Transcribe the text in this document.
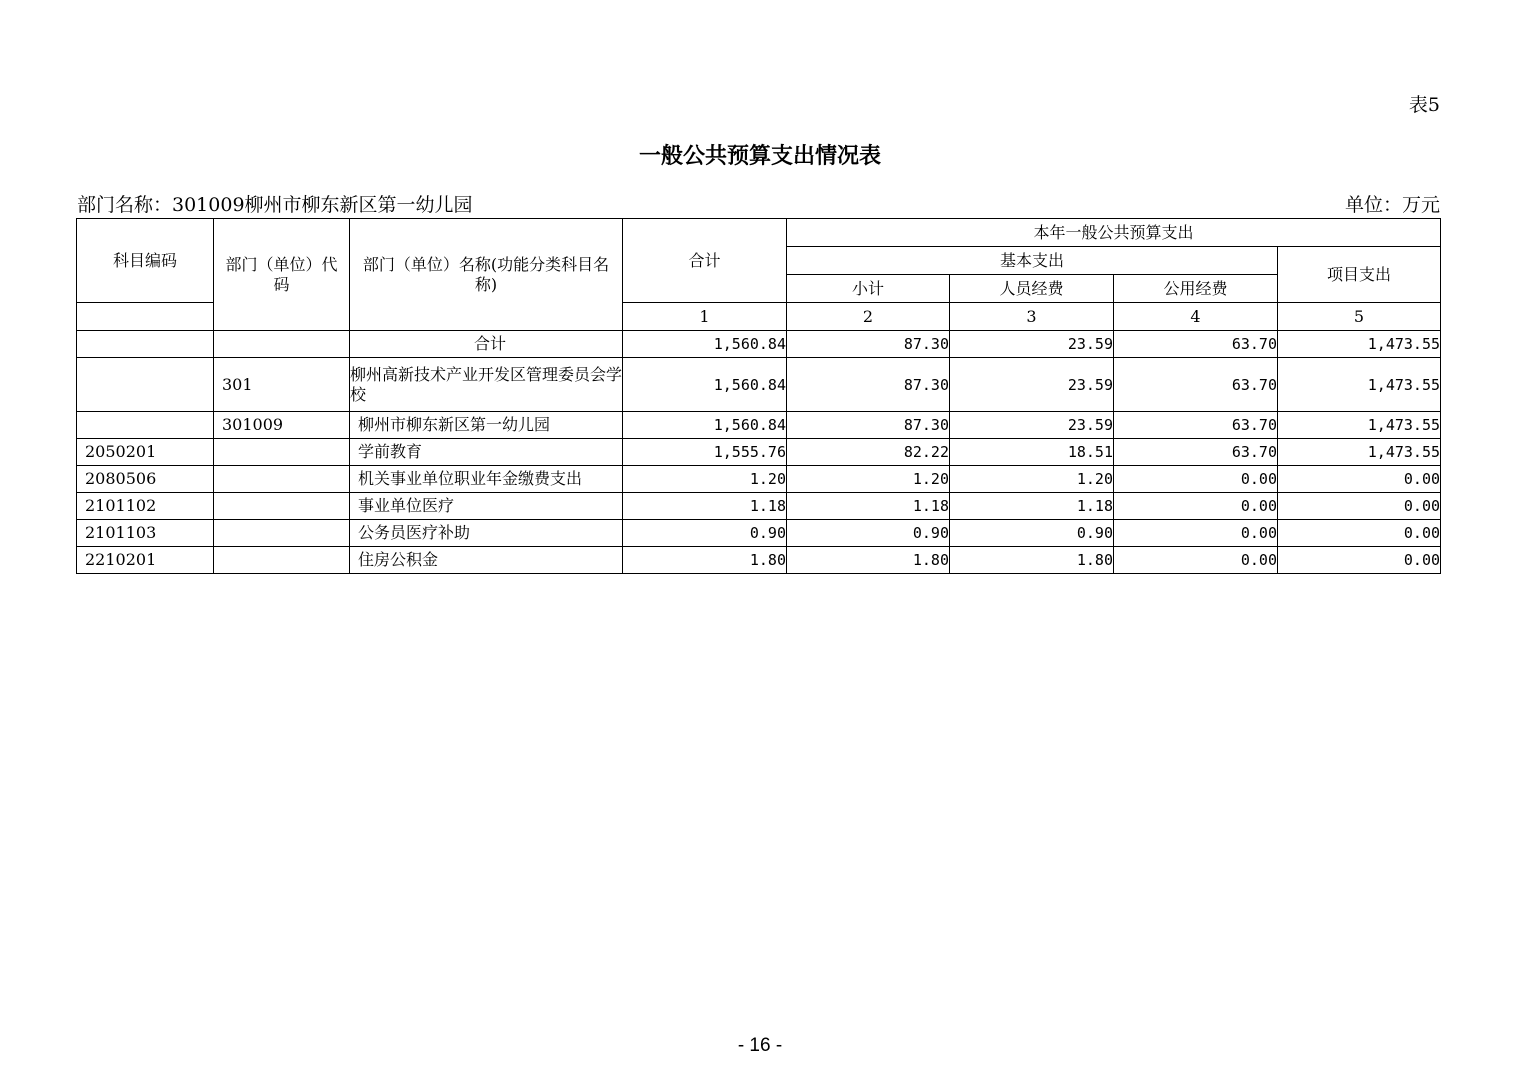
表5
一般公共预算支出情况表
部门名称：301009柳州市柳东新区第一幼儿园	单位：万元
科目编码	部门（单位）代码	部门（单位）名称(功能分类科目名称)	合计	本年一般公共预算支出			
				基本支出			项目支出
				小计	人员经费	公用经费	
			1	2	3	4	5
		合计	1,560.84	87.30	23.59	63.70	1,473.55
	301	柳州高新技术产业开发区管理委员会学校	1,560.84	87.30	23.59	63.70	1,473.55
	301009	柳州市柳东新区第一幼儿园	1,560.84	87.30	23.59	63.70	1,473.55
2050201		学前教育	1,555.76	82.22	18.51	63.70	1,473.55
2080506		机关事业单位职业年金缴费支出	1.20	1.20	1.20	0.00	0.00
2101102		事业单位医疗	1.18	1.18	1.18	0.00	0.00
2101103		公务员医疗补助	0.90	0.90	0.90	0.00	0.00
2210201		住房公积金	1.80	1.80	1.80	0.00	0.00
- 16 -
